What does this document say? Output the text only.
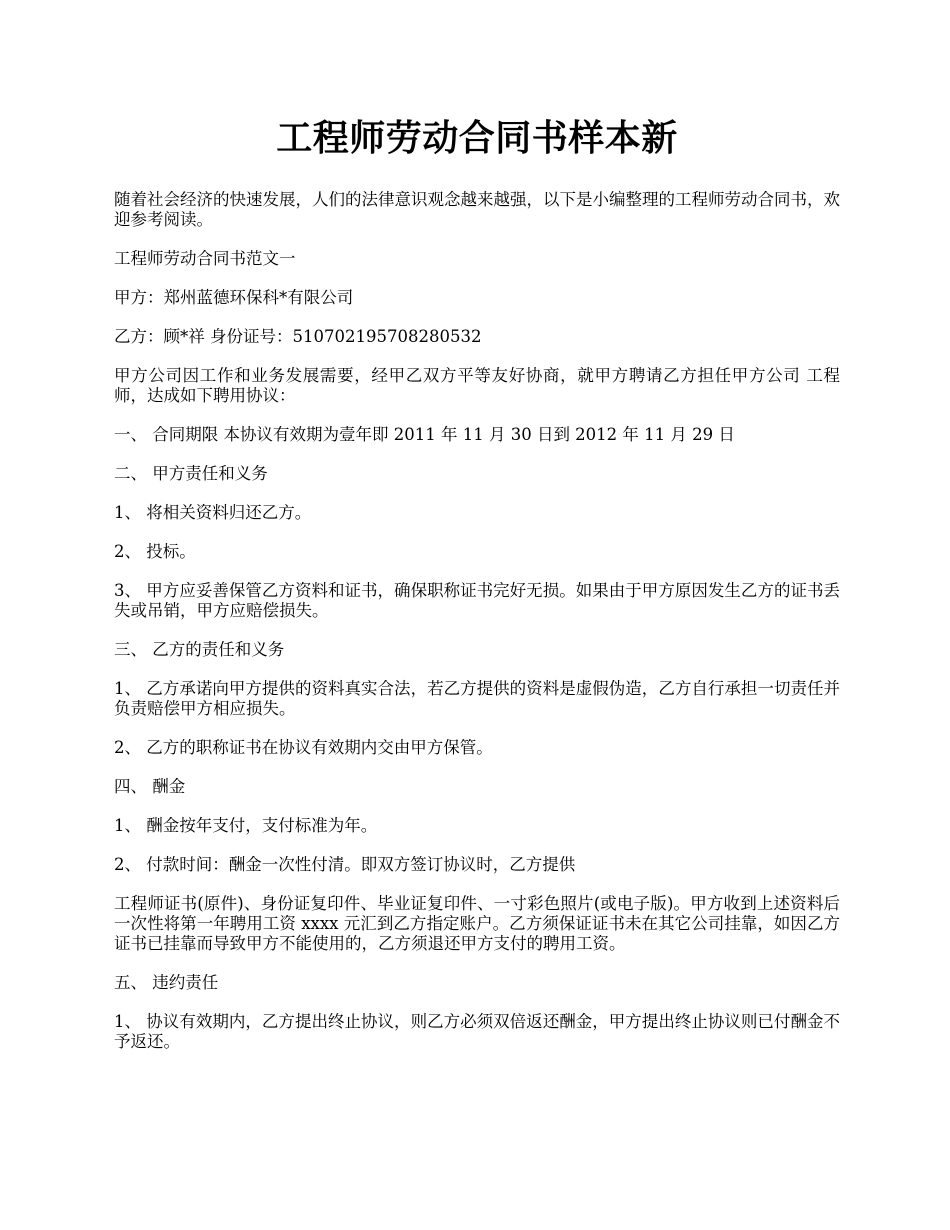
工程师劳动合同书样本新

随着社会经济的快速发展，人们的法律意识观念越来越强，以下是小编整理的工程师劳动合同书，欢迎参考阅读。

工程师劳动合同书范文一

甲方：郑州蓝德环保科*有限公司

乙方：顾*祥 身份证号：510702195708280532

甲方公司因工作和业务发展需要，经甲乙双方平等友好协商，就甲方聘请乙方担任甲方公司 工程师，达成如下聘用协议：

一、 合同期限 本协议有效期为壹年即 2011 年 11 月 30 日到 2012 年 11 月 29 日

二、 甲方责任和义务

1、 将相关资料归还乙方。

2、 投标。

3、 甲方应妥善保管乙方资料和证书，确保职称证书完好无损。如果由于甲方原因发生乙方的证书丢失或吊销，甲方应赔偿损失。

三、 乙方的责任和义务

1、 乙方承诺向甲方提供的资料真实合法，若乙方提供的资料是虚假伪造，乙方自行承担一切责任并负责赔偿甲方相应损失。

2、 乙方的职称证书在协议有效期内交由甲方保管。

四、 酬金

1、 酬金按年支付，支付标准为年。

2、 付款时间：酬金一次性付清。即双方签订协议时，乙方提供

工程师证书(原件)、身份证复印件、毕业证复印件、一寸彩色照片(或电子版)。甲方收到上述资料后一次性将第一年聘用工资 xxxx 元汇到乙方指定账户。乙方须保证证书未在其它公司挂靠，如因乙方证书已挂靠而导致甲方不能使用的，乙方须退还甲方支付的聘用工资。

五、 违约责任

1、 协议有效期内，乙方提出终止协议，则乙方必须双倍返还酬金，甲方提出终止协议则已付酬金不予返还。
